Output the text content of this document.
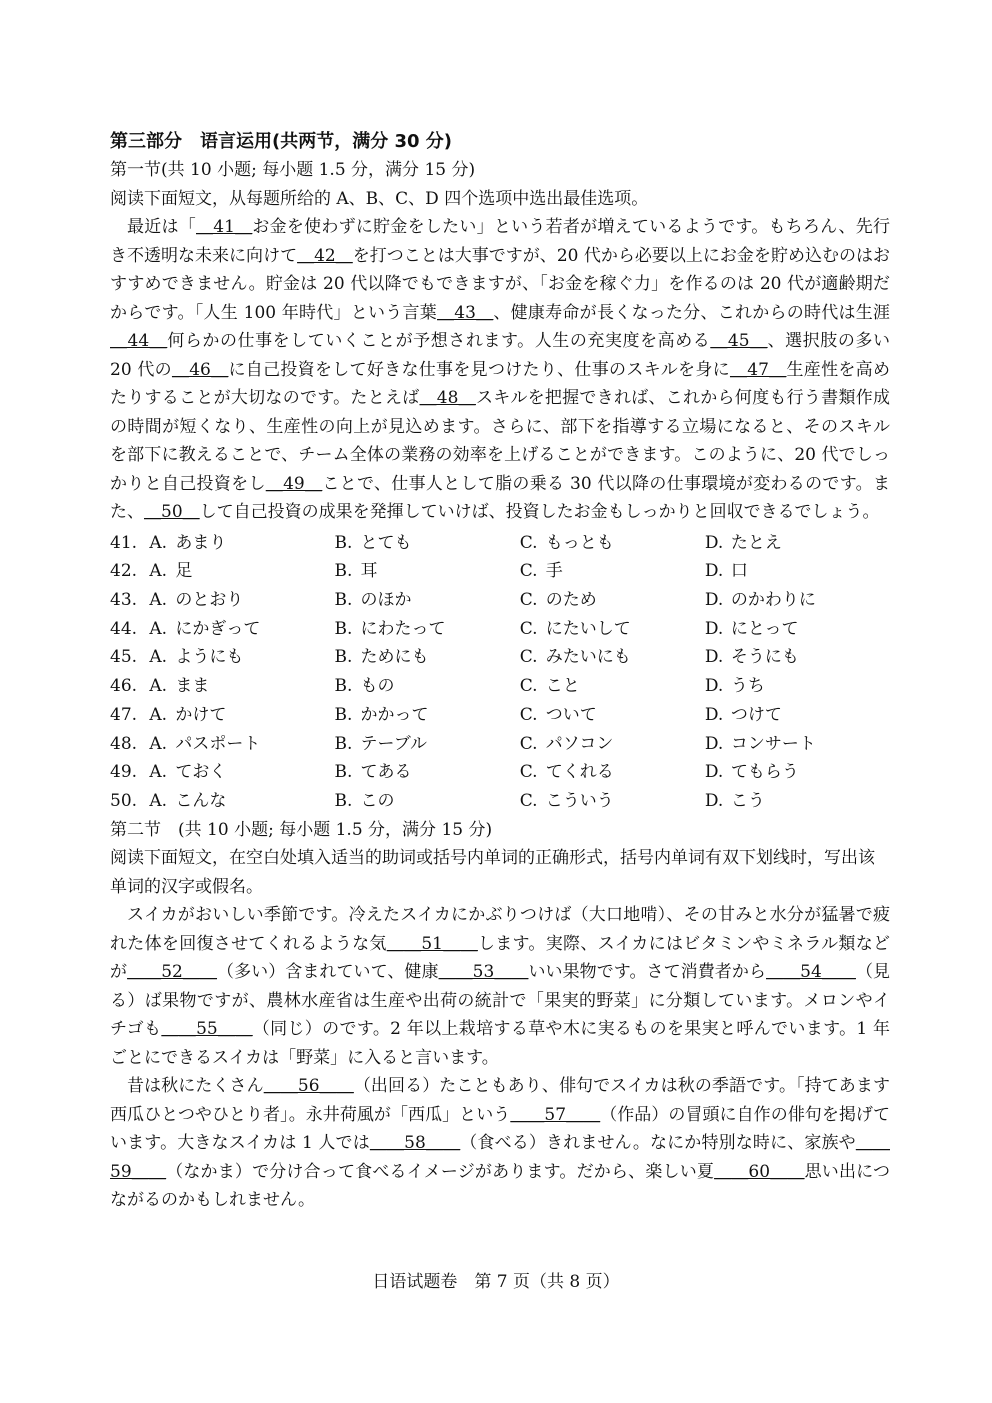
第三部分　语言运用(共两节，满分 30 分)

第一节(共 10 小题; 每小题 1.5 分，满分 15 分)

阅读下面短文，从每题所给的 A、B、C、D 四个选项中选出最佳选项。

最近は「＿41＿お金を使わずに貯金をしたい」という若者が増えているようです。もちろん、先行き不透明な未来に向けて＿42＿を打つことは大事ですが、20 代から必要以上にお金を貯め込むのはおすすめできません。貯金は 20 代以降でもできますが、「お金を稼ぐ力」を作るのは 20 代が適齢期だからです。「人生 100 年時代」という言葉＿43＿、健康寿命が長くなった分、これからの時代は生涯＿44＿何らかの仕事をしていくことが予想されます。人生の充実度を高める＿45＿、選択肢の多い 20 代の＿46＿に自己投資をして好きな仕事を見つけたり、仕事のスキルを身に＿47＿生産性を高めたりすることが大切なのです。たとえば＿48＿スキルを把握できれば、これから何度も行う書類作成の時間が短くなり、生産性の向上が見込めます。さらに、部下を指導する立場になると、そのスキルを部下に教えることで、チーム全体の業務の効率を上げることができます。このように、20 代でしっかりと自己投資をし＿49＿ことで、仕事人として脂の乗る 30 代以降の仕事環境が変わるのです。また、＿50＿して自己投資の成果を発揮していけば、投資したお金もしっかりと回収できるでしょう。

41. A. あまり	B. とても	C. もっとも	D. たとえ
42. A. 足	B. 耳	C. 手	D. 口
43. A. のとおり	B. のほか	C. のため	D. のかわりに
44. A. にかぎって	B. にわたって	C. にたいして	D. にとって
45. A. ようにも	B. ためにも	C. みたいにも	D. そうにも
46. A. まま	B. もの	C. こと	D. うち
47. A. かけて	B. かかって	C. ついて	D. つけて
48. A. パスポート	B. テーブル	C. パソコン	D. コンサート
49. A. ておく	B. てある	C. てくれる	D. てもらう
50. A. こんな	B. この	C. こういう	D. こう

第二节　(共 10 小题; 每小题 1.5 分，满分 15 分)

阅读下面短文，在空白处填入适当的助词或括号内单词的正确形式，括号内单词有双下划线时，写出该单词的汉字或假名。

スイカがおいしい季節です。冷えたスイカにかぶりつけば（大口地啃）、その甘みと水分が猛暑で疲れた体を回復させてくれるような気＿＿51＿＿します。実際、スイカにはビタミンやミネラル類などが＿＿52＿＿（多い）含まれていて、健康＿＿53＿＿いい果物です。さて消費者から＿＿54＿＿（見る）ば果物ですが、農林水産省は生産や出荷の統計で「果実的野菜」に分類しています。メロンやイチゴも＿＿55＿＿（同じ）のです。2 年以上栽培する草や木に実るものを果実と呼んでいます。1 年ごとにできるスイカは「野菜」に入ると言います。

昔は秋にたくさん＿＿56＿＿（出回る）たこともあり、俳句でスイカは秋の季語です。「持てあます西瓜ひとつやひとり者」。永井荷風が「西瓜」という＿＿57＿＿（作品）の冒頭に自作の俳句を掲げています。大きなスイカは 1 人では＿＿58＿＿（食べる）きれません。なにか特別な時に、家族や＿＿59＿＿（なかま）で分け合って食べるイメージがあります。だから、楽しい夏＿＿60＿＿思い出につながるのかもしれません。

日语试题卷　第 7 页（共 8 页）
